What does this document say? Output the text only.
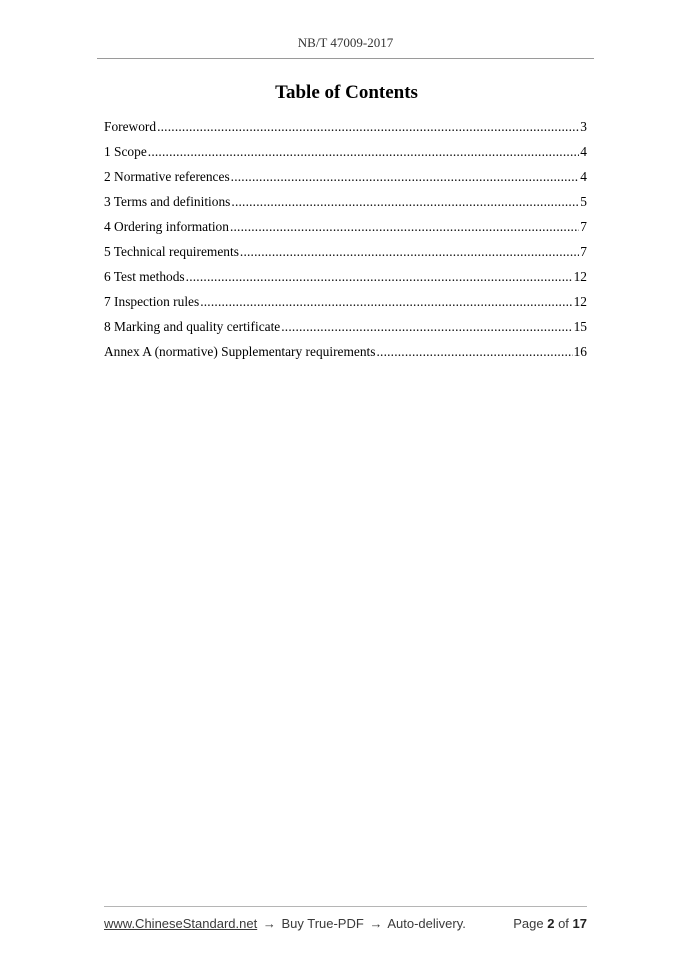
NB/T 47009-2017
Table of Contents
Foreword .....	3
1 Scope .....	4
2 Normative references .....	4
3 Terms and definitions .....	5
4 Ordering information .....	7
5 Technical requirements .....	7
6 Test methods .....	12
7 Inspection rules .....	12
8 Marking and quality certificate .....	15
Annex A (normative) Supplementary requirements .....	16
www.ChineseStandard.net → Buy True-PDF → Auto-delivery.	Page 2 of 17
